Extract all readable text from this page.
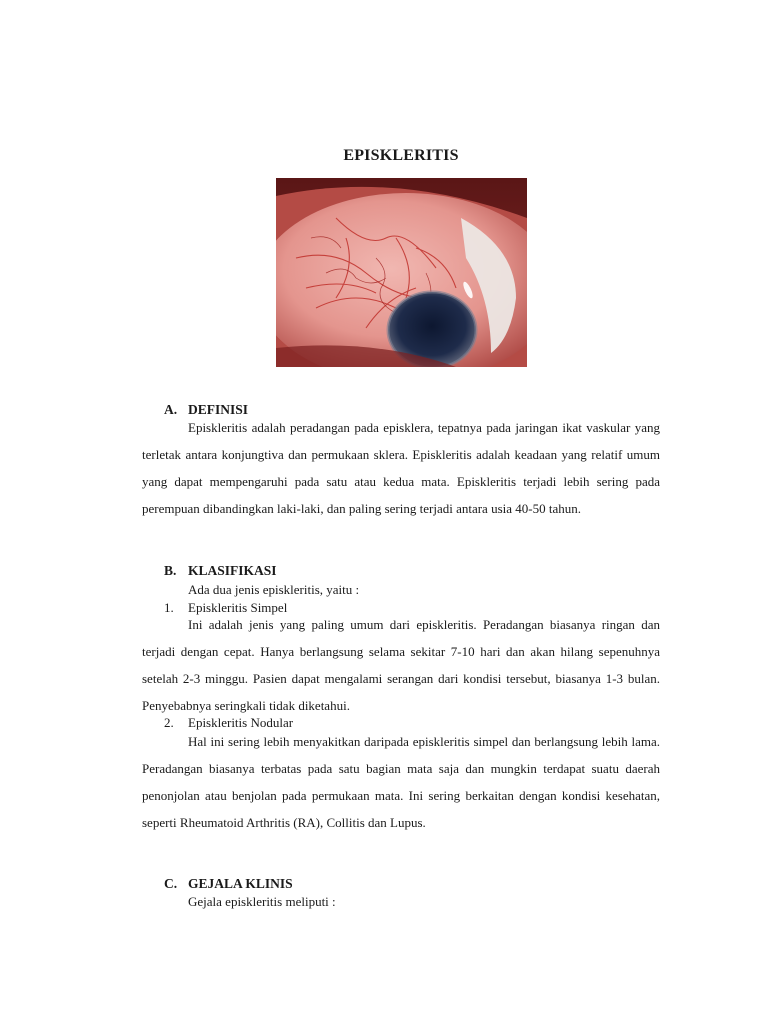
EPISKLERITIS
A. DEFINISI

Episkleritis adalah peradangan pada episklera, tepatnya pada jaringan ikat vaskular yang terletak antara konjungtiva dan permukaan sklera. Episkleritis adalah keadaan yang relatif umum yang dapat mempengaruhi pada satu atau kedua mata. Episkleritis terjadi lebih sering pada perempuan dibandingkan laki-laki, dan paling sering terjadi antara usia 40-50 tahun.

B. KLASIFIKASI

Ada dua jenis episkleritis, yaitu :

1.	Episkleritis Simpel

Ini adalah jenis yang paling umum dari episkleritis. Peradangan biasanya ringan dan terjadi dengan cepat. Hanya berlangsung selama sekitar 7-10 hari dan akan hilang sepenuhnya setelah 2-3 minggu. Pasien dapat mengalami serangan dari kondisi tersebut, biasanya 1-3 bulan. Penyebabnya seringkali tidak diketahui.

2.	Episkleritis Nodular

Hal ini sering lebih menyakitkan daripada episkleritis simpel dan berlangsung lebih lama. Peradangan biasanya terbatas pada satu bagian mata saja dan mungkin terdapat suatu daerah penonjolan atau benjolan pada permukaan mata. Ini sering berkaitan dengan kondisi kesehatan, seperti Rheumatoid Arthritis (RA), Collitis dan Lupus.

C. GEJALA KLINIS

Gejala episkleritis meliputi :
